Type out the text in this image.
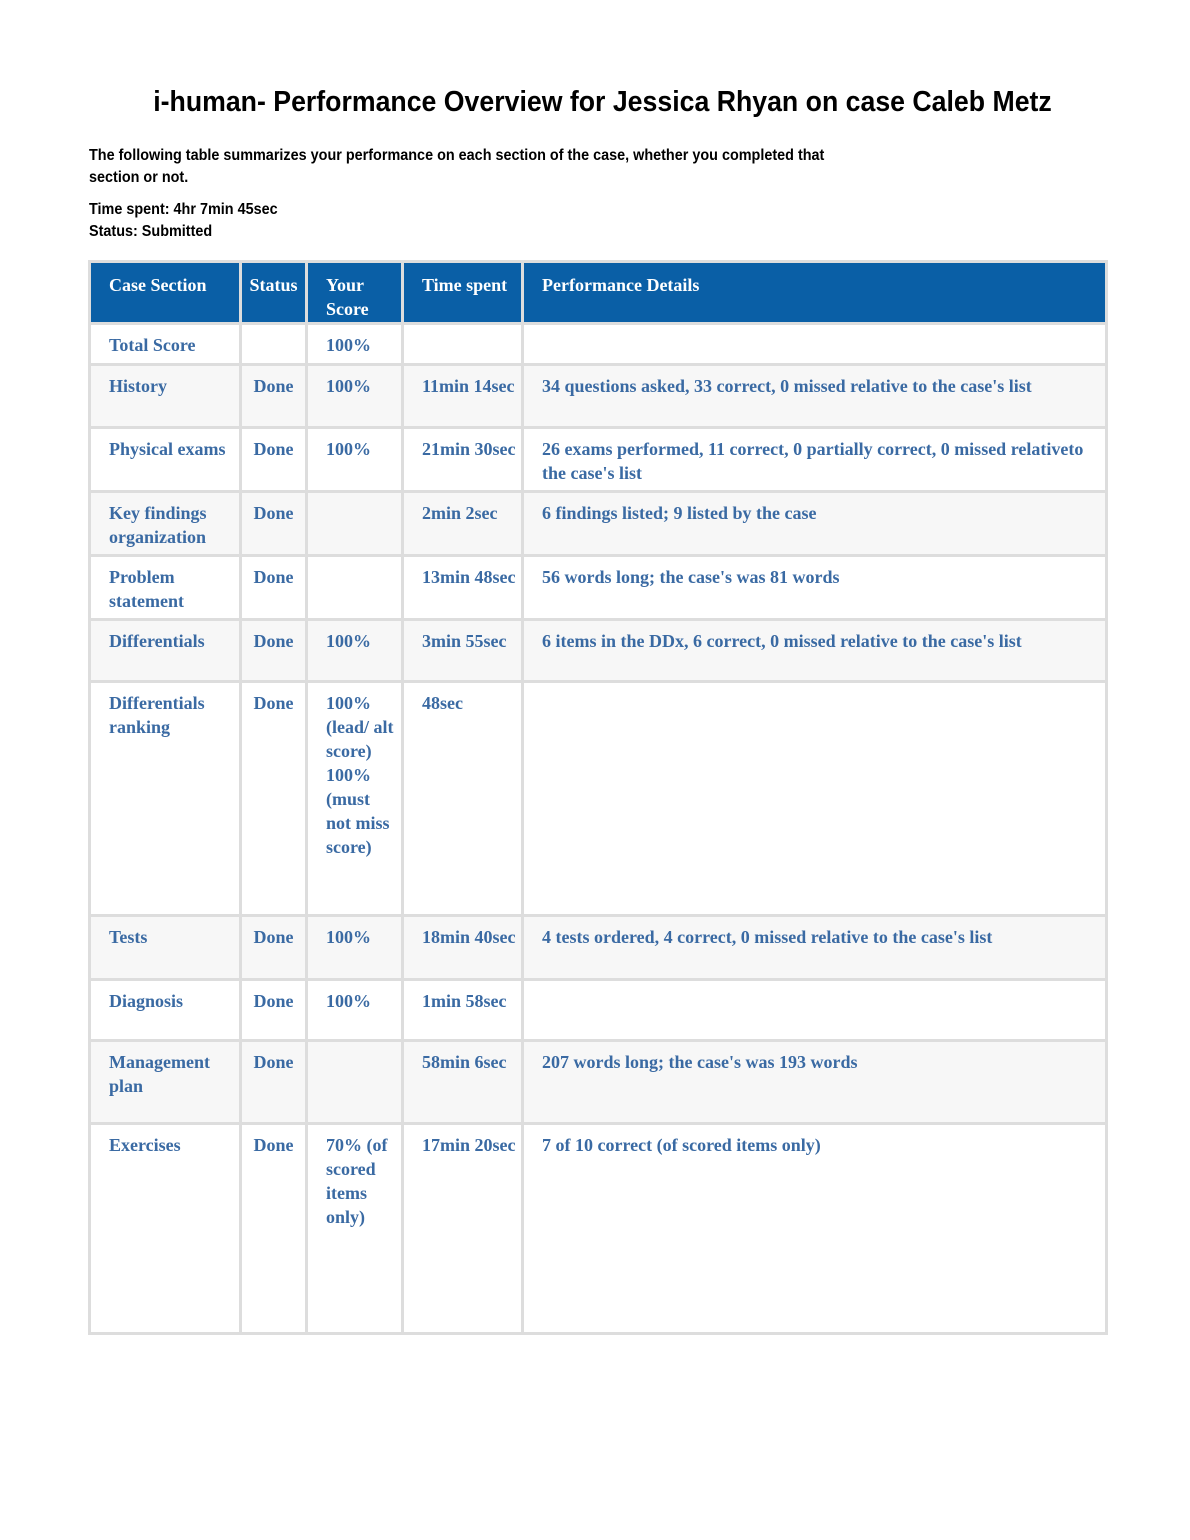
i-human- Performance Overview for Jessica Rhyan on case Caleb Metz
The following table summarizes your performance on each section of the case, whether you completed that section or not.
Time spent: 4hr 7min 45sec
Status: Submitted
Case Section	Status	Your Score	Time spent	Performance Details
Total Score		100%		
History	Done	100%	11min 14sec	34 questions asked, 33 correct, 0 missed relative to the case's list
Physical exams	Done	100%	21min 30sec	26 exams performed, 11 correct, 0 partially correct, 0 missed relativeto the case's list
Key findings organization	Done		2min 2sec	6 findings listed; 9 listed by the case
Problem statement	Done		13min 48sec	56 words long; the case's was 81 words
Differentials	Done	100%	3min 55sec	6 items in the DDx, 6 correct, 0 missed relative to the case's list
Differentials ranking	Done	100% (lead/ alt score) 100% (must not miss score)	48sec	
Tests	Done	100%	18min 40sec	4 tests ordered, 4 correct, 0 missed relative to the case's list
Diagnosis	Done	100%	1min 58sec	
Management plan	Done		58min 6sec	207 words long; the case's was 193 words
Exercises	Done	70% (of scored items only)	17min 20sec	7 of 10 correct (of scored items only)
